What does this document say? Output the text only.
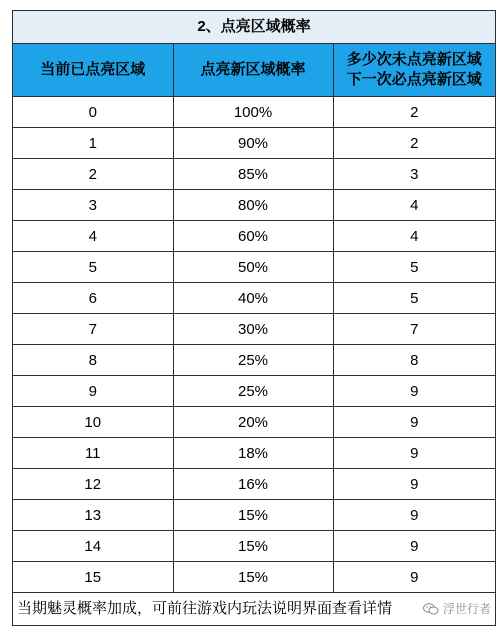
2、点亮区域概率
当前已点亮区域	点亮新区域概率	多少次未点亮新区域
下一次必点亮新区域
0	100%	2
1	90%	2
2	85%	3
3	80%	4
4	60%	4
5	50%	5
6	40%	5
7	30%	7
8	25%	8
9	25%	9
10	20%	9
11	18%	9
12	16%	9
13	15%	9
14	15%	9
15	15%	9
当期魅灵概率加成，可前往游戏内玩法说明界面查看详情	浮世行者
